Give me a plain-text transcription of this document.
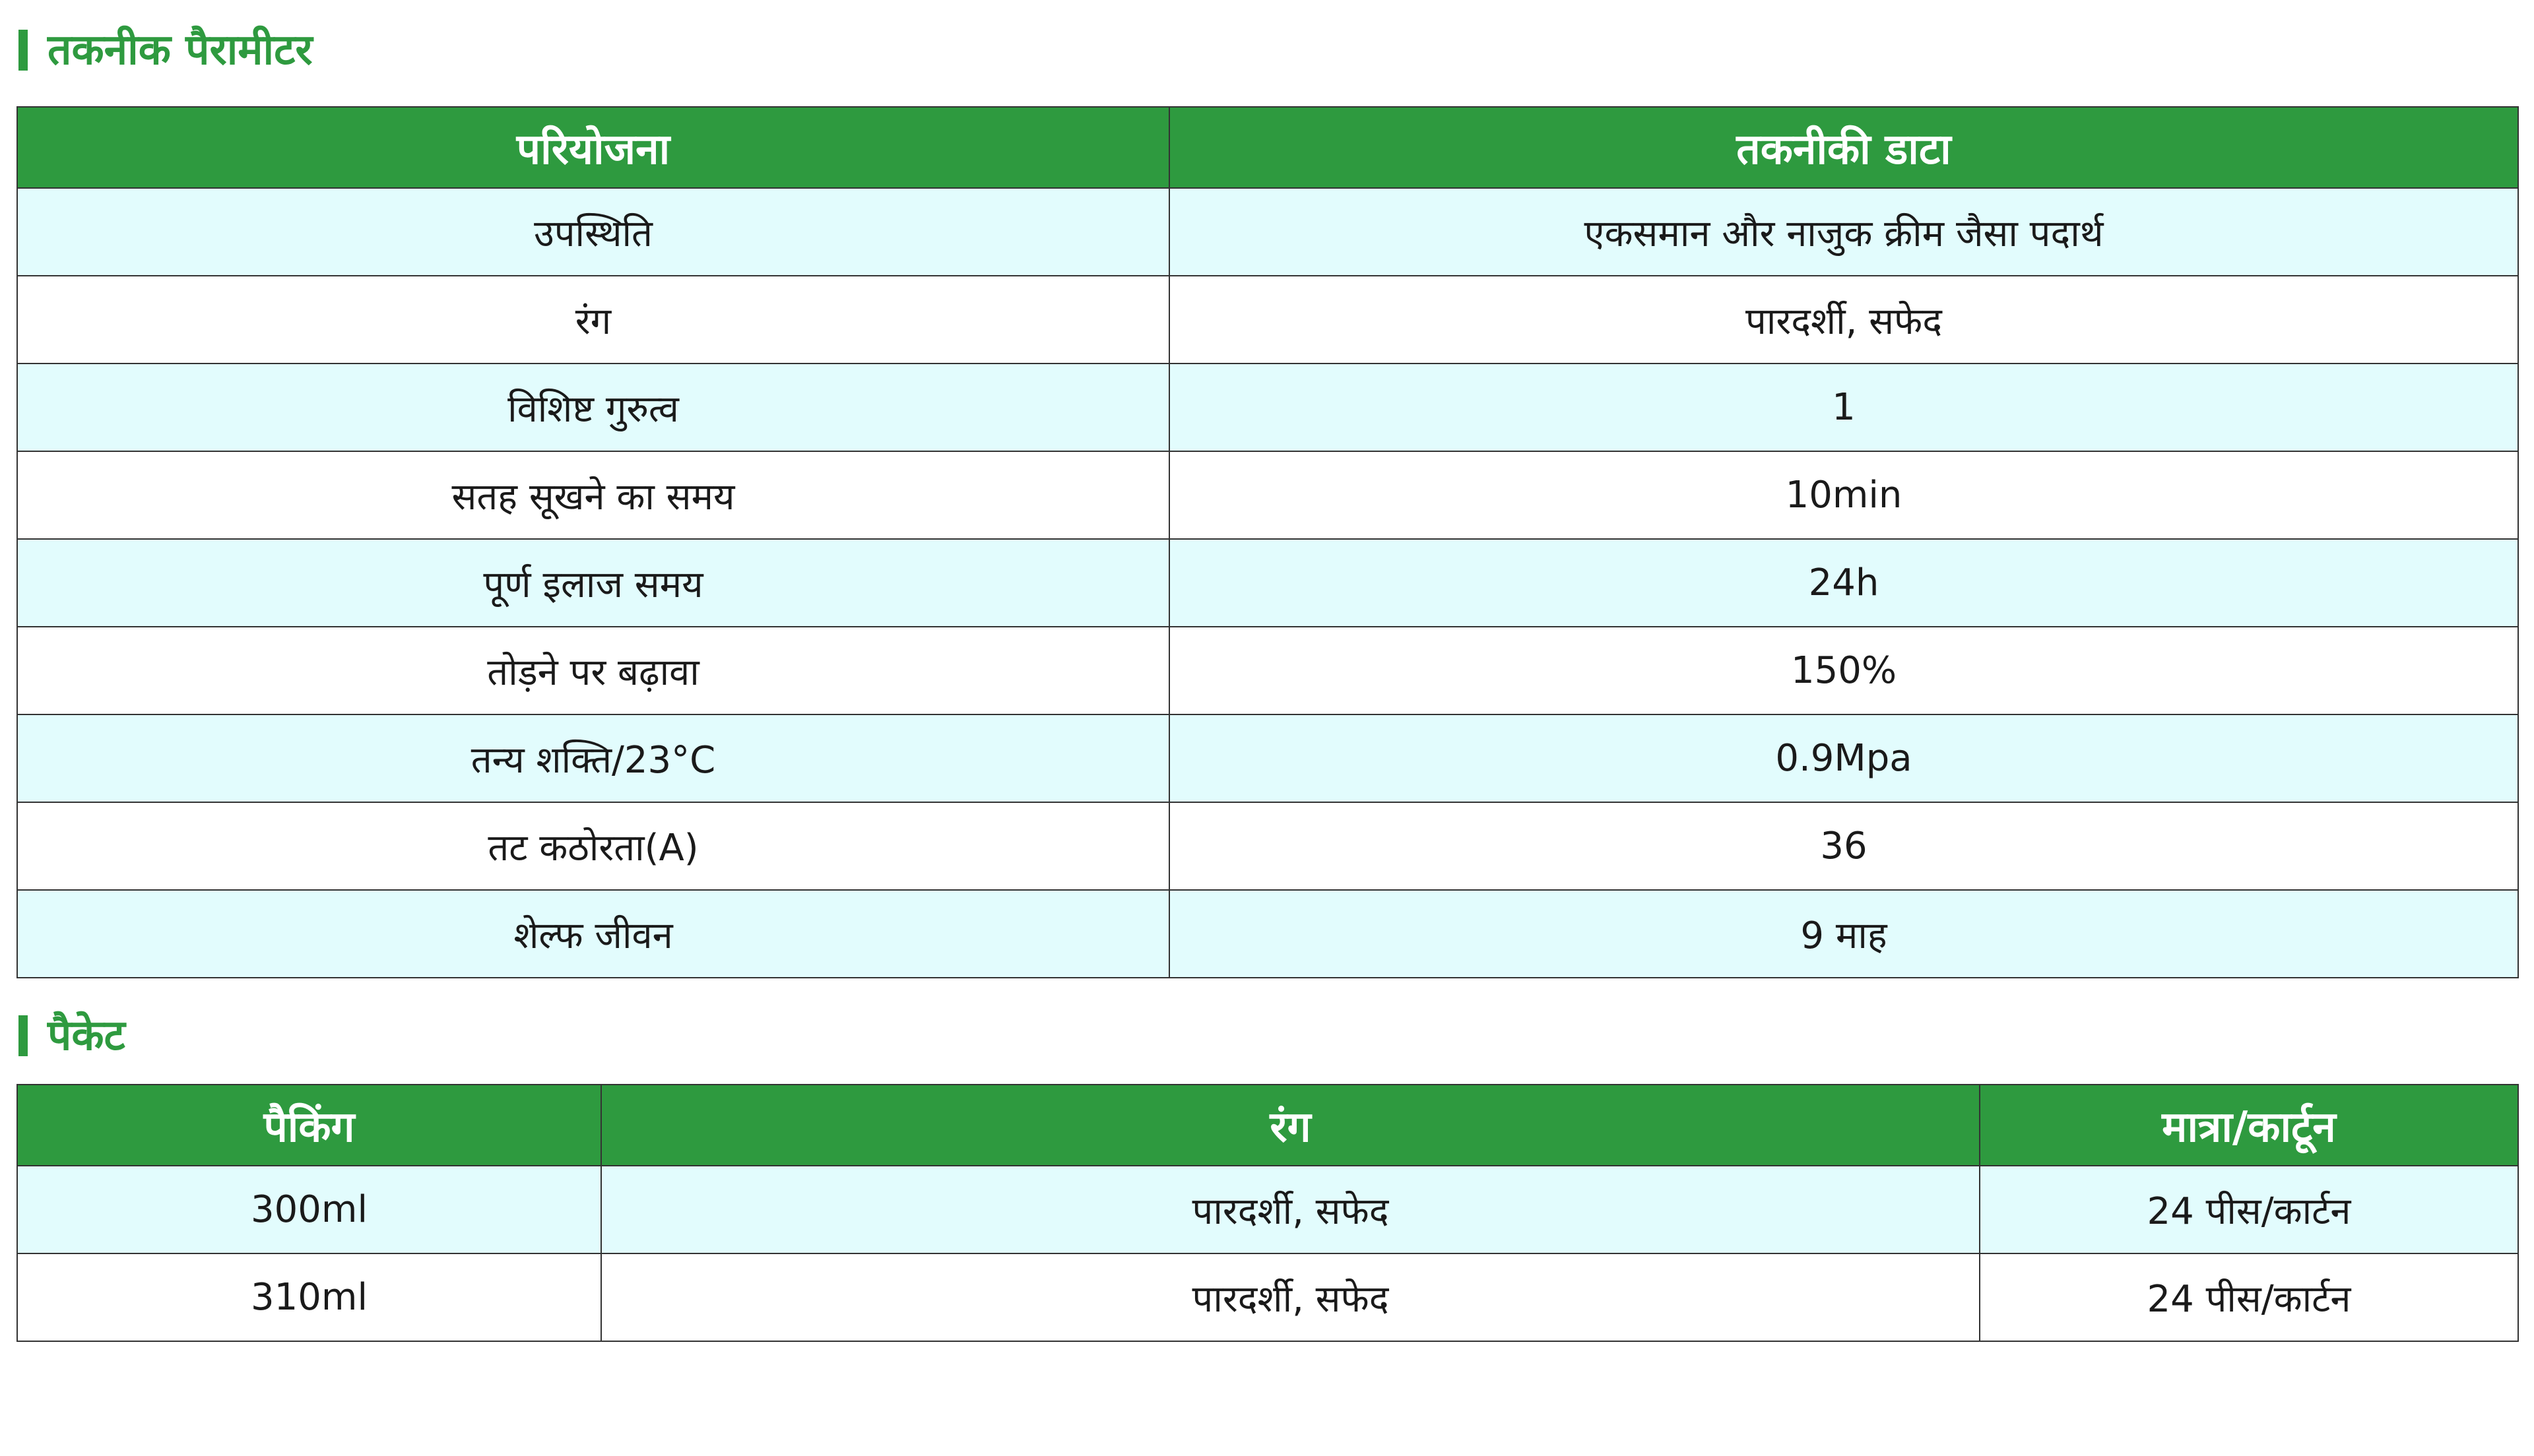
तकनीक पैरामीटर
परियोजना	तकनीकी डाटा
उपस्थिति	एकसमान और नाजुक क्रीम जैसा पदार्थ
रंग	पारदर्शी, सफेद
विशिष्ट गुरुत्व	1
सतह सूखने का समय	10min
पूर्ण इलाज समय	24h
तोड़ने पर बढ़ावा	150%
तन्य शक्ति/23°C	0.9Mpa
तट कठोरता(A)	36
शेल्फ जीवन	9 माह
पैकेट
पैकिंग	रंग	मात्रा/कार्टून
300ml	पारदर्शी, सफेद	24 पीस/कार्टन
310ml	पारदर्शी, सफेद	24 पीस/कार्टन
